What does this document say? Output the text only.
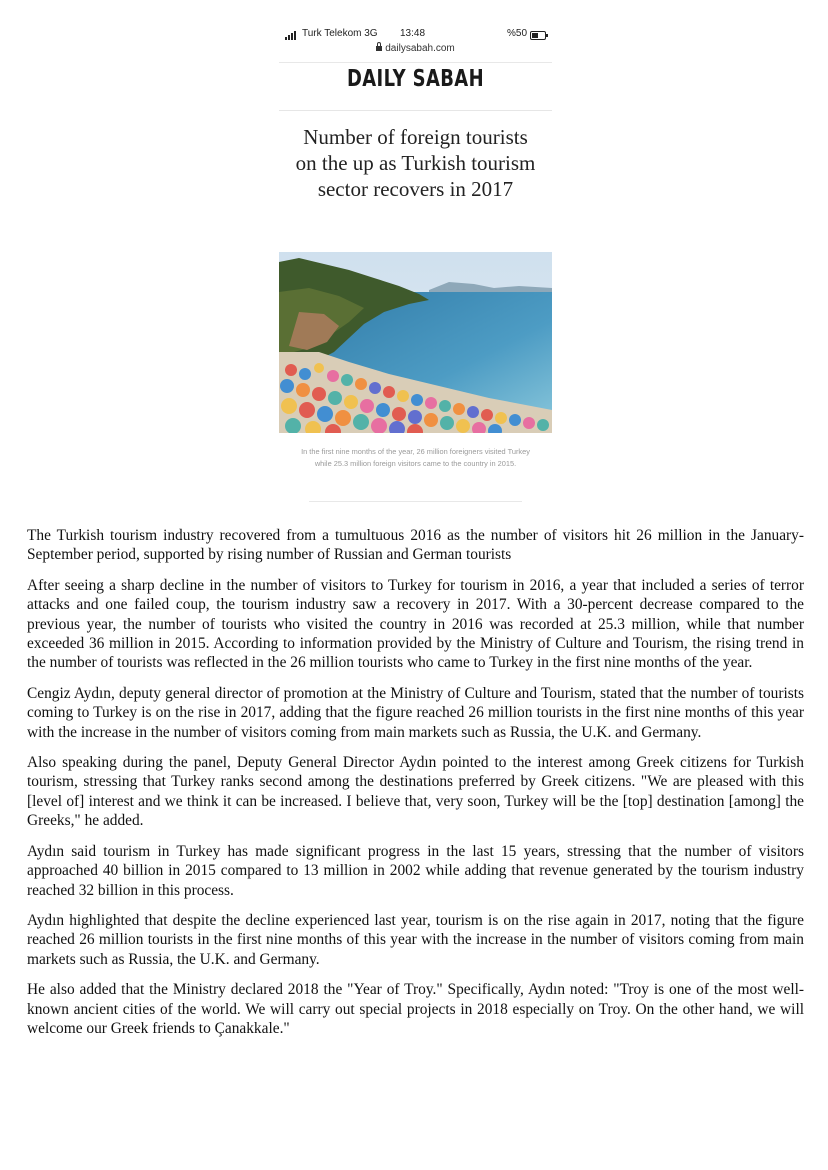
Turk Telekom 3G 13:48	%50
dailysabah.com
DAILY SABAH
Number of foreign tourists on the up as Turkish tourism sector recovers in 2017
In the first nine months of the year, 26 million foreigners visited Turkey while 25.3 million foreign visitors came to the country in 2015.

The Turkish tourism industry recovered from a tumultuous 2016 as the number of visitors hit 26 million in the January-September period, supported by rising number of Russian and German tourists

After seeing a sharp decline in the number of visitors to Turkey for tourism in 2016, a year that included a series of terror attacks and one failed coup, the tourism industry saw a recovery in 2017. With a 30-percent decrease compared to the previous year, the number of tourists who visited the country in 2016 was recorded at 25.3 million, while that number exceeded 36 million in 2015. According to information provided by the Ministry of Culture and Tourism, the rising trend in the number of tourists was reflected in the 26 million tourists who came to Turkey in the first nine months of the year.

Cengiz Aydın, deputy general director of promotion at the Ministry of Culture and Tourism, stated that the number of tourists coming to Turkey is on the rise in 2017, adding that the figure reached 26 million tourists in the first nine months of this year with the increase in the number of visitors coming from main markets such as Russia, the U.K. and Germany.

Also speaking during the panel, Deputy General Director Aydın pointed to the interest among Greek citizens for Turkish tourism, stressing that Turkey ranks second among the destinations preferred by Greek citizens. "We are pleased with this [level of] interest and we think it can be increased. I believe that, very soon, Turkey will be the [top] destination [among] the Greeks," he added.

Aydın said tourism in Turkey has made significant progress in the last 15 years, stressing that the number of visitors approached 40 billion in 2015 compared to 13 million in 2002 while adding that revenue generated by the tourism industry reached 32 billion in this process.

Aydın highlighted that despite the decline experienced last year, tourism is on the rise again in 2017, noting that the figure reached 26 million tourists in the first nine months of this year with the increase in the number of visitors coming from main markets such as Russia, the U.K. and Germany.

He also added that the Ministry declared 2018 the "Year of Troy." Specifically, Aydın noted: "Troy is one of the most well-known ancient cities of the world. We will carry out special projects in 2018 especially on Troy. On the other hand, we will welcome our Greek friends to Çanakkale."
